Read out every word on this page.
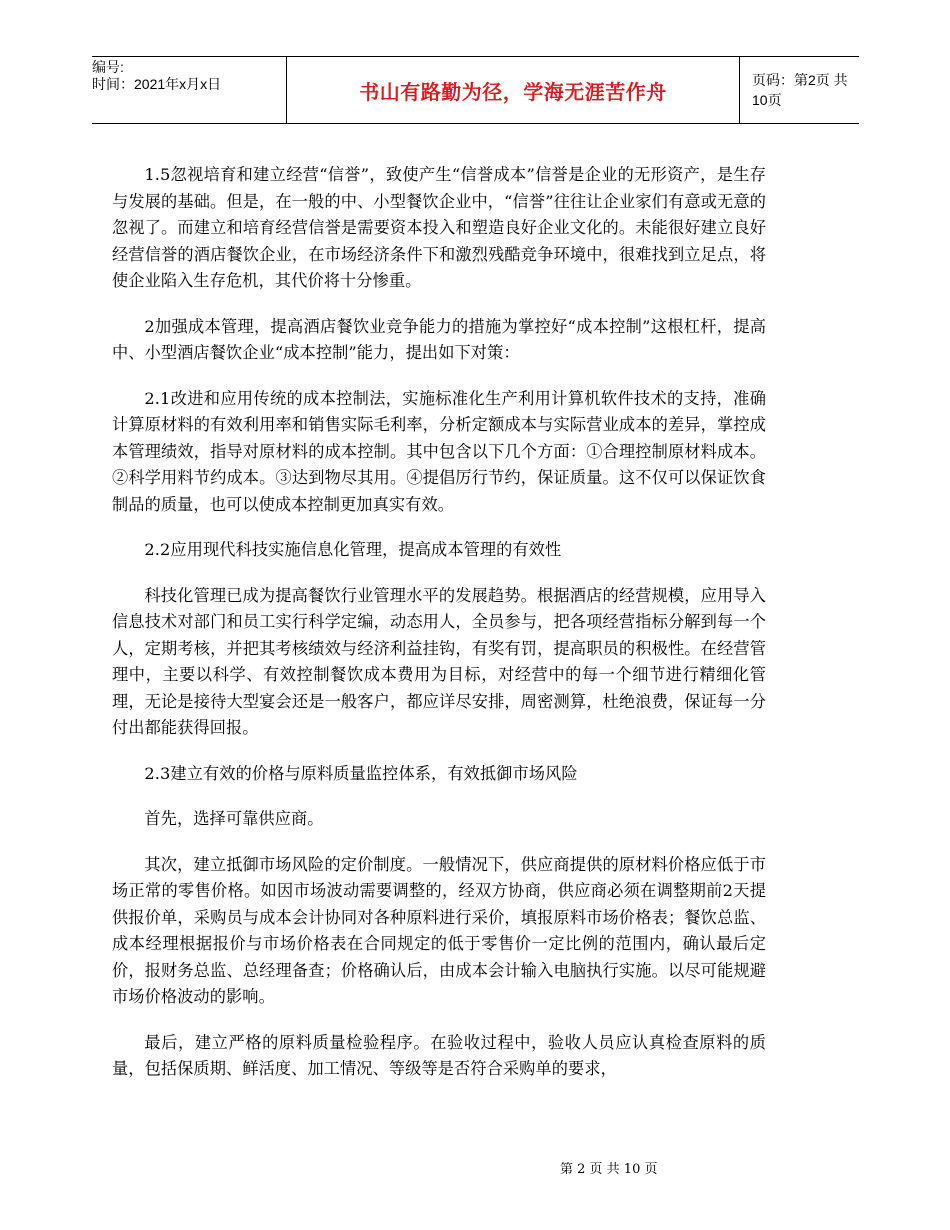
编号:
时间：2021年x月x日	书山有路勤为径，学海无涯苦作舟	页码：第2页 共10页

1.5忽视培育和建立经营“信誉”，致使产生“信誉成本”信誉是企业的无形资产，是生存与发展的基础。但是，在一般的中、小型餐饮企业中，“信誉”往往让企业家们有意或无意的忽视了。而建立和培育经营信誉是需要资本投入和塑造良好企业文化的。未能很好建立良好经营信誉的酒店餐饮企业，在市场经济条件下和激烈残酷竞争环境中，很难找到立足点，将使企业陷入生存危机，其代价将十分惨重。

2加强成本管理，提高酒店餐饮业竞争能力的措施为掌控好“成本控制”这根杠杆，提高中、小型酒店餐饮企业“成本控制”能力，提出如下对策：

2.1改进和应用传统的成本控制法，实施标准化生产利用计算机软件技术的支持，准确计算原材料的有效利用率和销售实际毛利率，分析定额成本与实际营业成本的差异，掌控成本管理绩效，指导对原材料的成本控制。其中包含以下几个方面：①合理控制原材料成本。②科学用料节约成本。③达到物尽其用。④提倡厉行节约，保证质量。这不仅可以保证饮食制品的质量，也可以使成本控制更加真实有效。

2.2应用现代科技实施信息化管理，提高成本管理的有效性

科技化管理已成为提高餐饮行业管理水平的发展趋势。根据酒店的经营规模，应用导入信息技术对部门和员工实行科学定编，动态用人，全员参与，把各项经营指标分解到每一个人，定期考核，并把其考核绩效与经济利益挂钩，有奖有罚，提高职员的积极性。在经营管理中，主要以科学、有效控制餐饮成本费用为目标，对经营中的每一个细节进行精细化管理，无论是接待大型宴会还是一般客户，都应详尽安排，周密测算，杜绝浪费，保证每一分付出都能获得回报。

2.3建立有效的价格与原料质量监控体系，有效抵御市场风险

首先，选择可靠供应商。

其次，建立抵御市场风险的定价制度。一般情况下，供应商提供的原材料价格应低于市场正常的零售价格。如因市场波动需要调整的，经双方协商，供应商必须在调整期前2天提供报价单，采购员与成本会计协同对各种原料进行采价，填报原料市场价格表；餐饮总监、成本经理根据报价与市场价格表在合同规定的低于零售价一定比例的范围内，确认最后定价，报财务总监、总经理备查；价格确认后，由成本会计输入电脑执行实施。以尽可能规避市场价格波动的影响。

最后，建立严格的原料质量检验程序。在验收过程中，验收人员应认真检查原料的质量，包括保质期、鲜活度、加工情况、等级等是否符合采购单的要求，

第 2 页 共 10 页
